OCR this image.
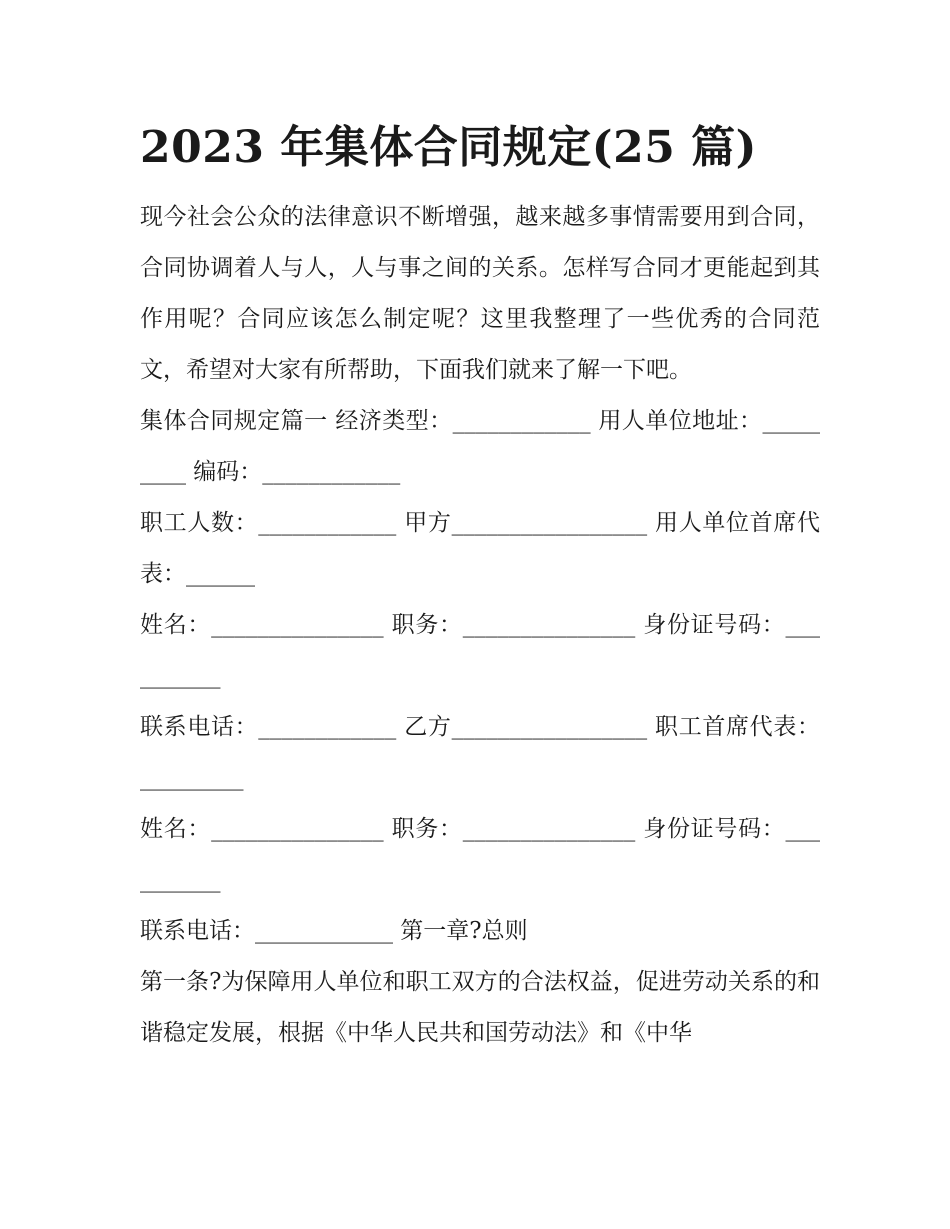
2023 年集体合同规定(25 篇)

现今社会公众的法律意识不断增强，越来越多事情需要用到合同，合同协调着人与人，人与事之间的关系。怎样写合同才更能起到其作用呢？合同应该怎么制定呢？这里我整理了一些优秀的合同范文，希望对大家有所帮助，下面我们就来了解一下吧。

集体合同规定篇一 经济类型：____________ 用人单位地址：_________ 编码：____________

职工人数：____________ 甲方_________________ 用人单位首席代表：______

姓名：_______________ 职务：_______________ 身份证号码：__________

联系电话：____________ 乙方_________________ 职工首席代表：_________

姓名：_______________ 职务：_______________ 身份证号码：__________

联系电话：____________ 第一章?总则

第一条?为保障用人单位和职工双方的合法权益，促进劳动关系的和谐稳定发展，根据《中华人民共和国劳动法》和《中华
